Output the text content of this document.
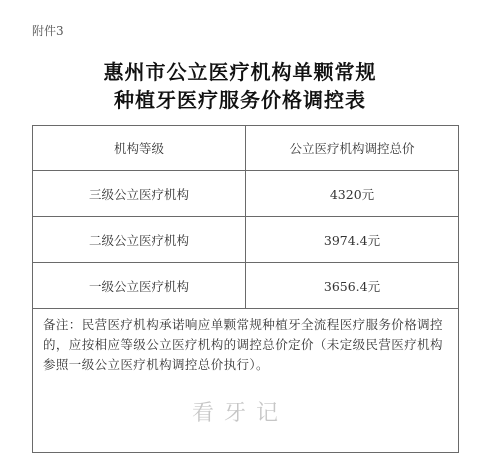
附件3
惠州市公立医疗机构单颗常规
种植牙医疗服务价格调控表
机构等级	公立医疗机构调控总价
三级公立医疗机构	4320元
二级公立医疗机构	3974.4元
一级公立医疗机构	3656.4元
备注：民营医疗机构承诺响应单颗常规种植牙全流程医疗服务价格调控的，应按相应等级公立医疗机构的调控总价定价（未定级民营医疗机构参照一级公立医疗机构调控总价执行）。	
看牙记
